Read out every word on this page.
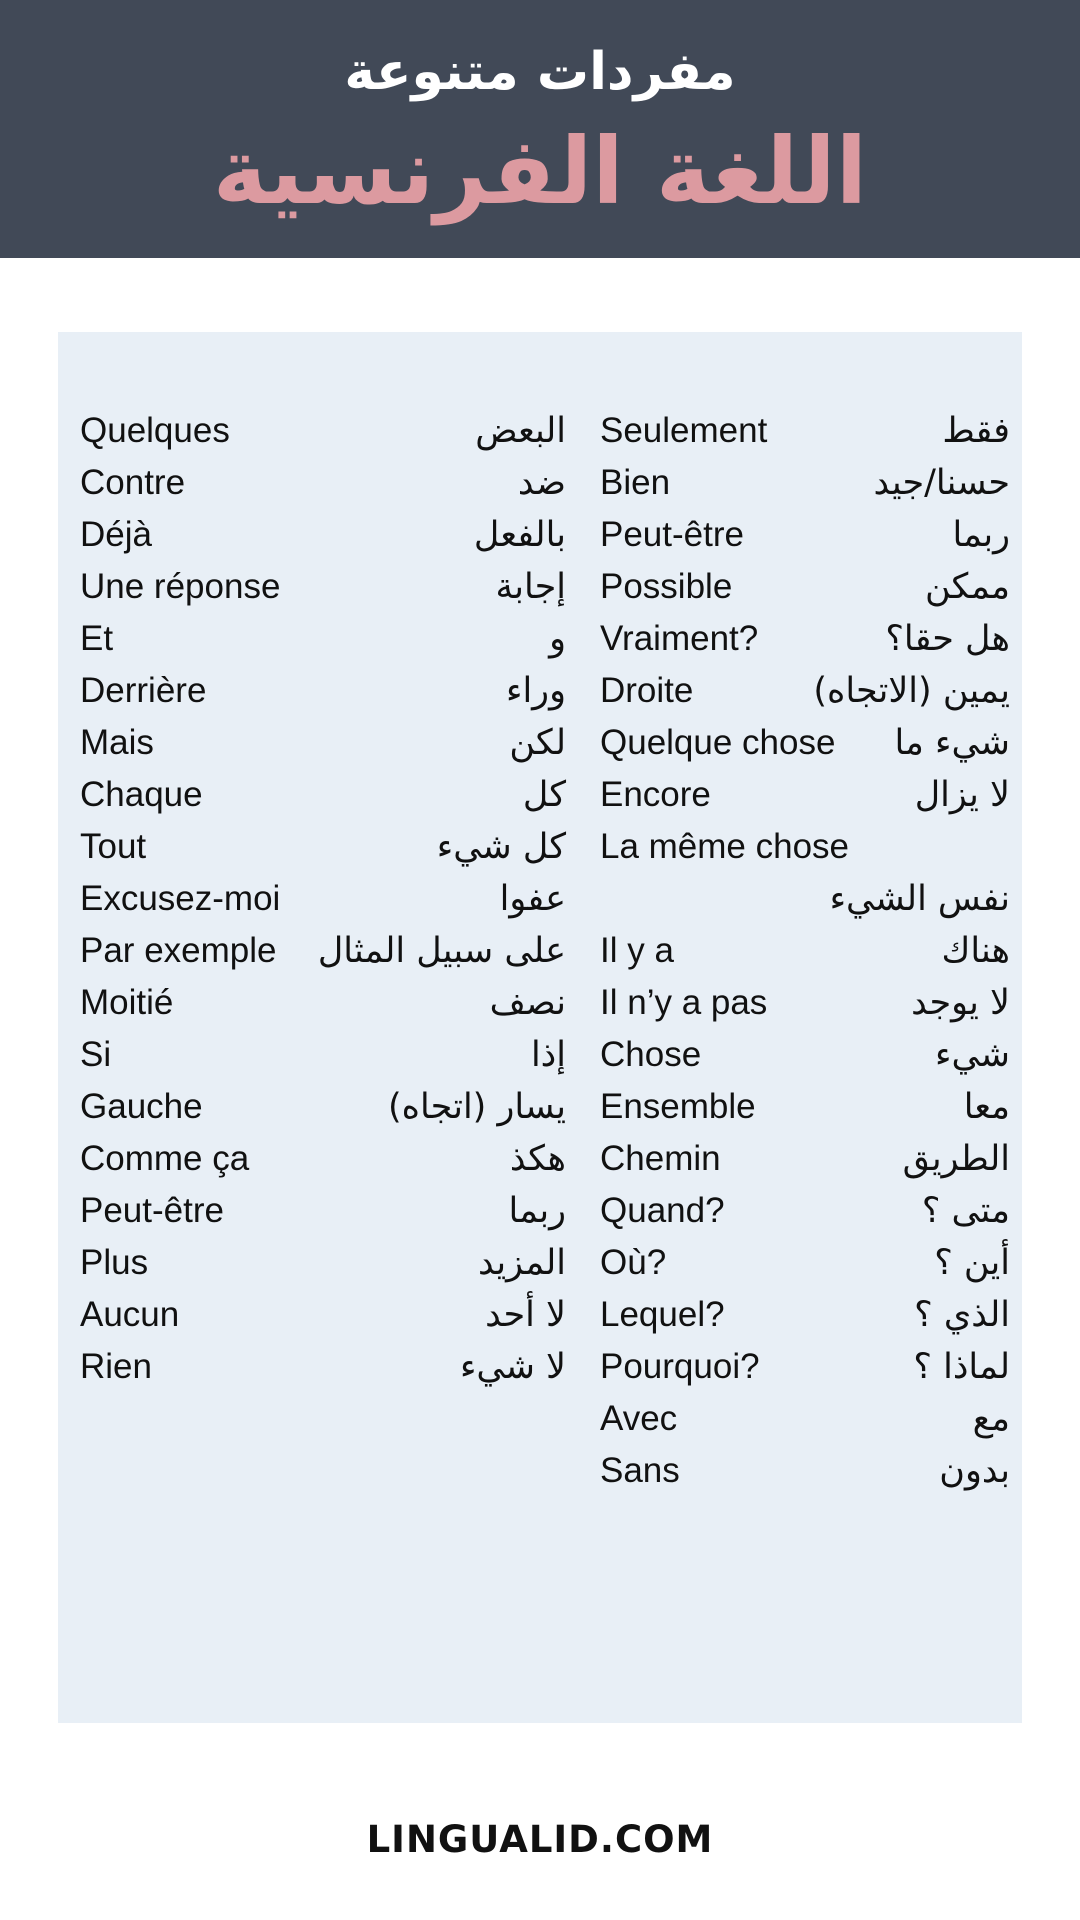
مفردات متنوعة
اللغة الفرنسية
Quelques	البعض
Contre	ضد
Déjà	بالفعل
Une réponse	إجابة
Et	و
Derrière	وراء
Mais	لكن
Chaque	كل
Tout	كل شيء
Excusez-moi	عفوا
Par exemple على سبيل المثال
Moitié	نصف
Si	إذا
Gauche	يسار (اتجاه)
Comme ça	هكذ
Peut-être	ربما
Plus	المزيد
Aucun	لا أحد
Rien	لا شيء
Seulement	فقط
Bien	حسنا/جيد
Peut-être	ربما
Possible	ممكن
Vraiment?	هل حقا؟
Droite	يمين (الاتجاه)
Quelque chose شيء ما
Encore	لا يزال
La même chose
نفس الشيء
Il y a	هناك
Il n’y a pas	لا يوجد
Chose	شيء
Ensemble	معا
Chemin	الطريق
Quand?	متى ؟
Où?	أين ؟
Lequel?	الذي ؟
Pourquoi?	لماذا ؟
Avec	مع
Sans	بدون
LINGUALID.COM
